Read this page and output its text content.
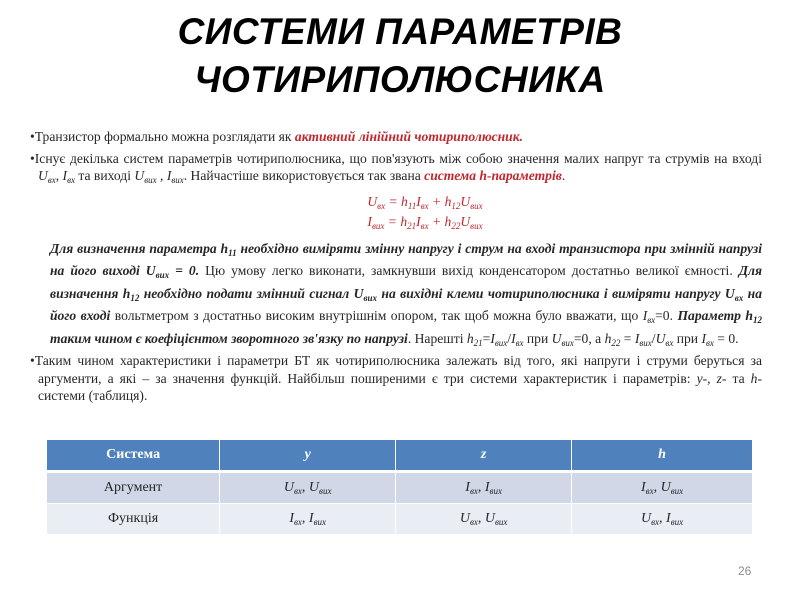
СИСТЕМИ ПАРАМЕТРІВ
ЧОТИРИПОЛЮСНИКА

•Транзистор формально можна розглядати як активний лінійний чотириполюсник.

•Існує декілька систем параметрів чотириполюсника, що пов'язують між собою значення малих напруг та струмів на вході $U_{вх}$, $I_{вх}$ та виході $U_{вих}$ , $I_{вих}$. Найчастіше використовується так звана система h-параметрів.

$U_{вх} = h_{11}I_{вх} + h_{12}U_{вих}$
$I_{вих} = h_{21}I_{вх} + h_{22}U_{вих}$

Для визначення параметра $h_{11}$ необхідно виміряти змінну напругу і струм на вході транзистора при змінній напрузі на його виході $U_{вих} = 0$. Цю умову легко виконати, замкнувши вихід конденсатором достатньо великої ємності. Для визначення $h_{12}$ необхідно подати змінний сигнал $U_{вих}$ на вихідні клеми чотириполюсника і виміряти напругу $U_{вх}$ на його вході вольтметром з достатньо високим внутрішнім опором, так щоб можна було вважати, що $I_{вх}=0$. Параметр $h_{12}$ таким чином є коефіцієнтом зворотного зв'язку по напрузі. Нарешті $h_{21}=I_{вих}/I_{вх}$ при $U_{вих}=0$, а $h_{22} = I_{вих}/U_{вх}$ при $I_{вх} = 0$.

•Таким чином характеристики і параметри БТ як чотириполюсника залежать від того, які напруги і струми беруться за аргументи, а які – за значення функцій. Найбільш поширеними є три системи характеристик і параметрів: y-, z- та h- системи (таблиця).

Система	y	z	h
Аргумент	$U_{вх}$, $U_{вих}$	$I_{вх}$, $I_{вих}$	$I_{вх}$, $U_{вих}$
Функція	$I_{вх}$, $I_{вих}$	$U_{вх}$, $U_{вих}$	$U_{вх}$, $I_{вих}$
26
